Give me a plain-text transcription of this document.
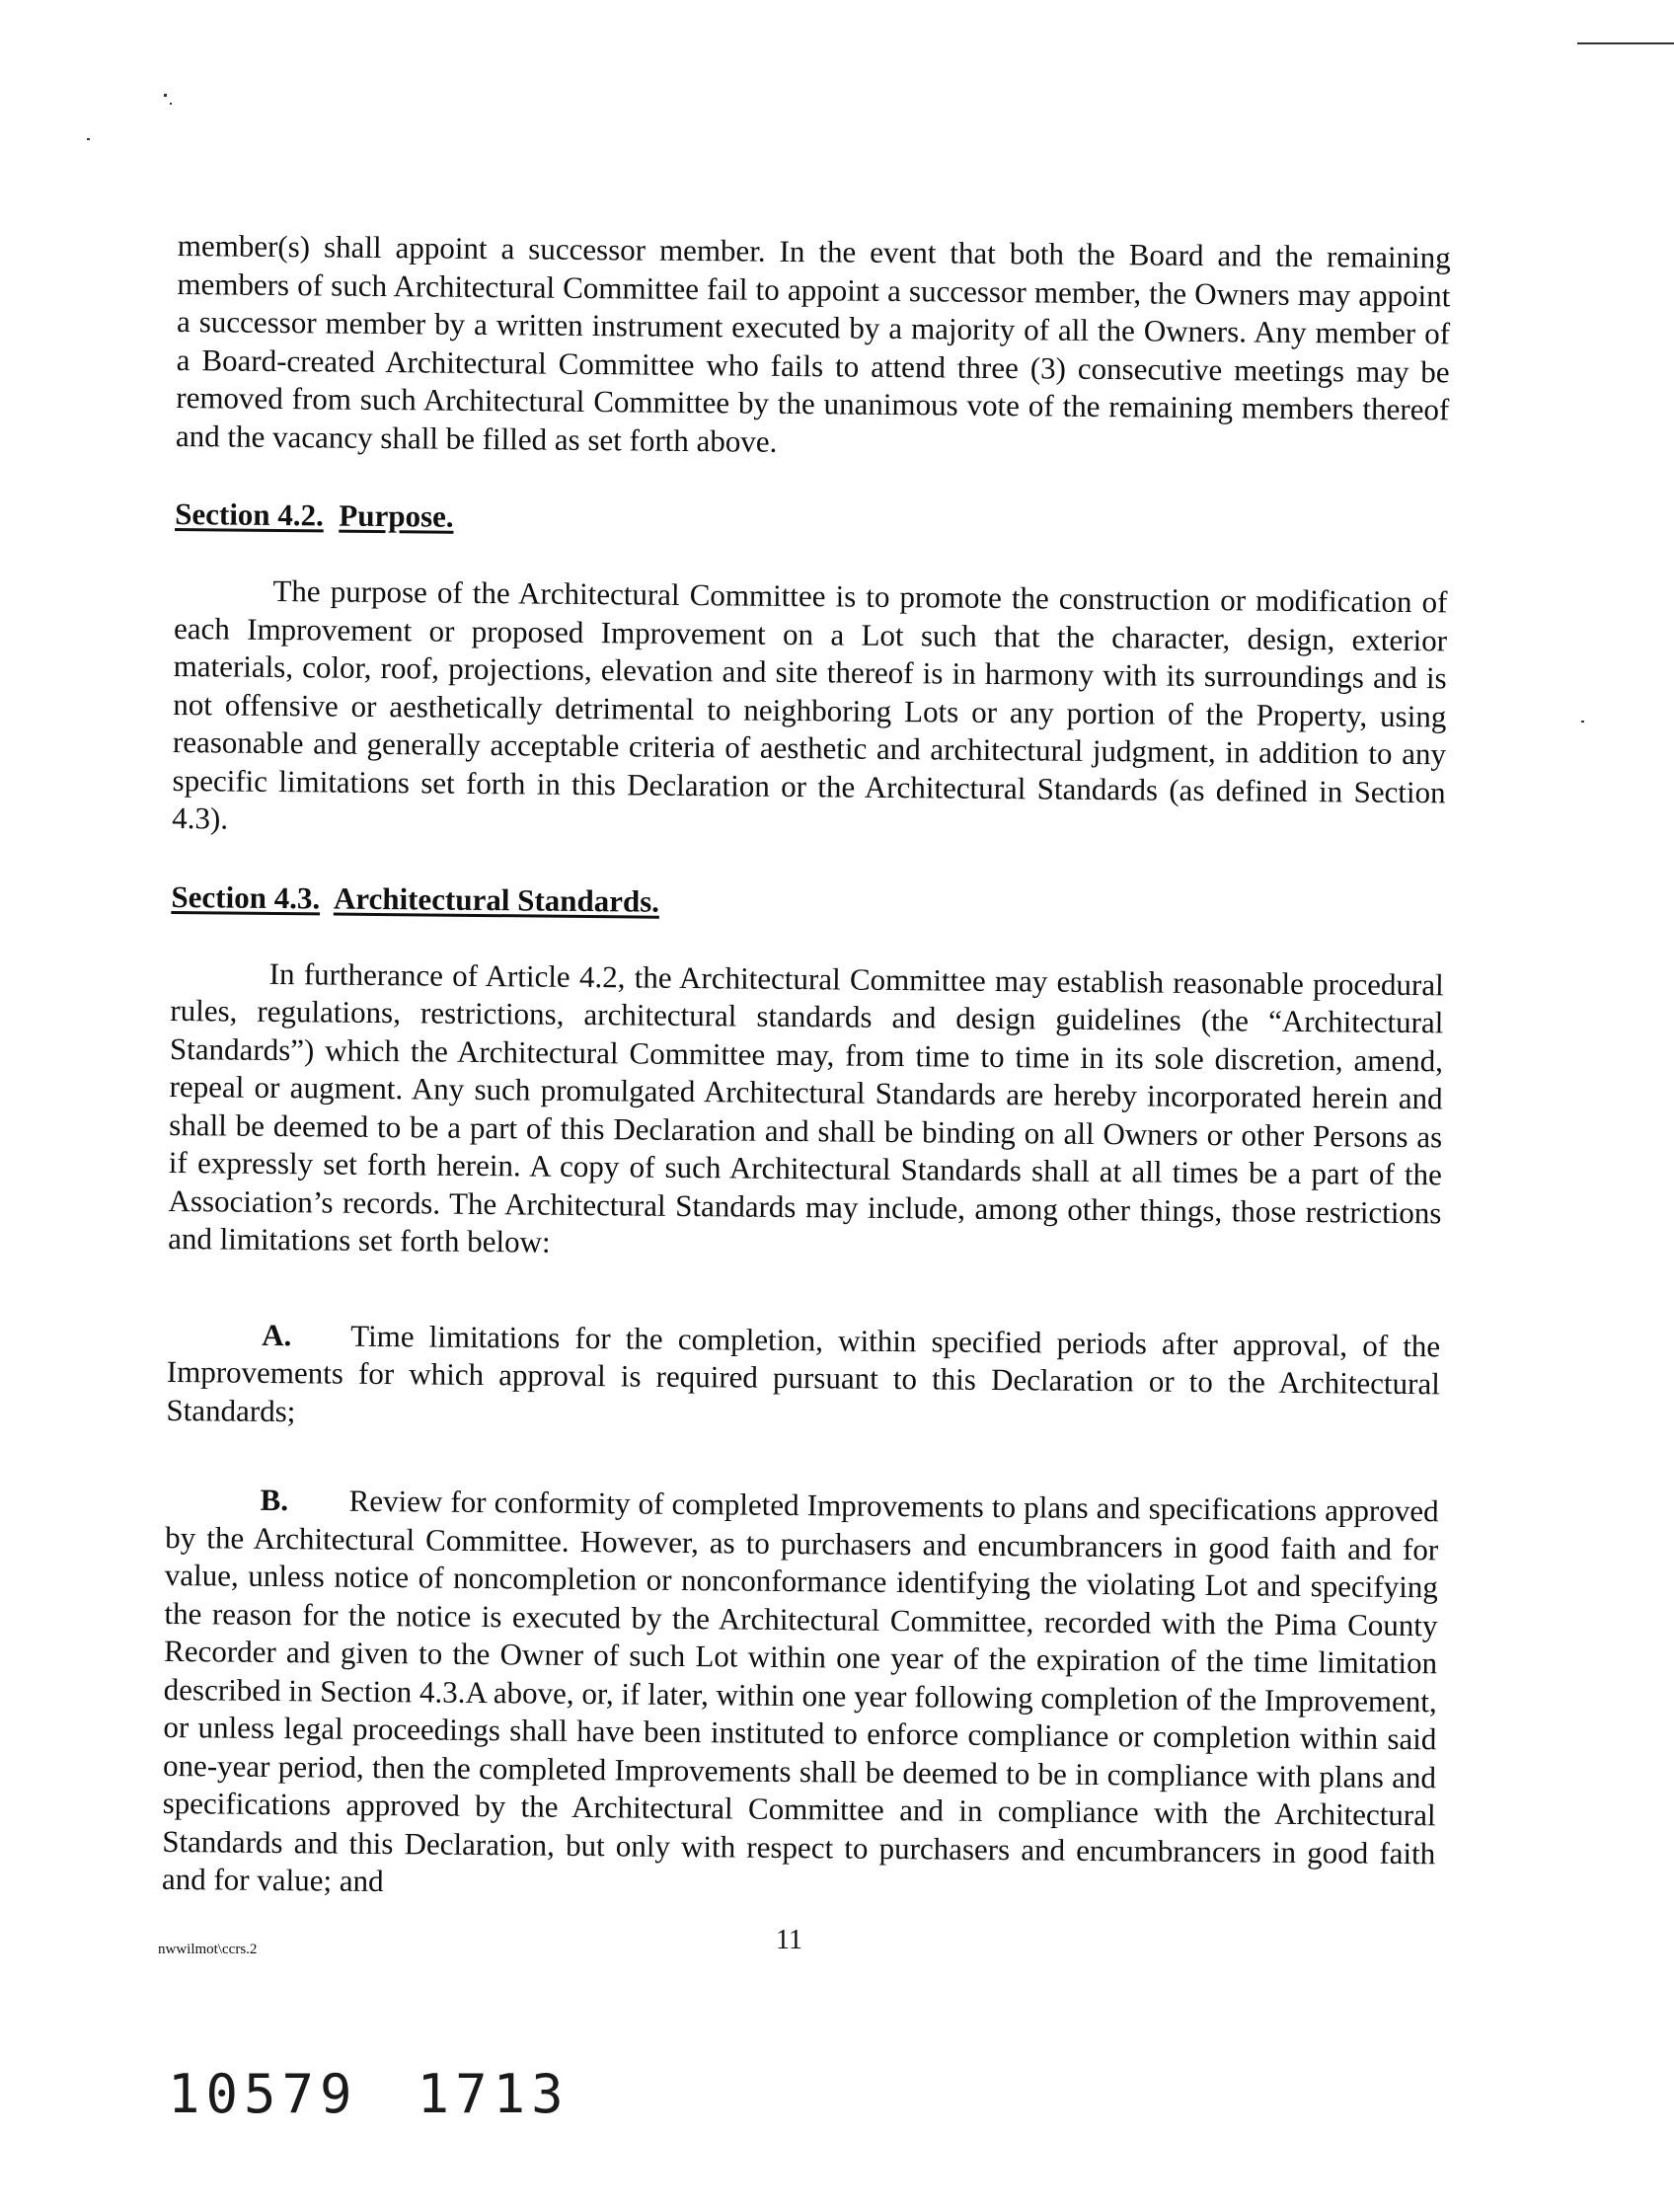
member(s) shall appoint a successor member. In the event that both the Board and the remaining members of such Architectural Committee fail to appoint a successor member, the Owners may appoint a successor member by a written instrument executed by a majority of all the Owners. Any member of a Board-created Architectural Committee who fails to attend three (3) consecutive meetings may be removed from such Architectural Committee by the unanimous vote of the remaining members thereof and the vacancy shall be filled as set forth above.

Section 4.2. Purpose.

The purpose of the Architectural Committee is to promote the construction or modification of each Improvement or proposed Improvement on a Lot such that the character, design, exterior materials, color, roof, projections, elevation and site thereof is in harmony with its surroundings and is not offensive or aesthetically detrimental to neighboring Lots or any portion of the Property, using reasonable and generally acceptable criteria of aesthetic and architectural judgment, in addition to any specific limitations set forth in this Declaration or the Architectural Standards (as defined in Section 4.3).

Section 4.3. Architectural Standards.

In furtherance of Article 4.2, the Architectural Committee may establish reasonable procedural rules, regulations, restrictions, architectural standards and design guidelines (the “Architectural Standards”) which the Architectural Committee may, from time to time in its sole discretion, amend, repeal or augment. Any such promulgated Architectural Standards are hereby incorporated herein and shall be deemed to be a part of this Declaration and shall be binding on all Owners or other Persons as if expressly set forth herein. A copy of such Architectural Standards shall at all times be a part of the Association’s records. The Architectural Standards may include, among other things, those restrictions and limitations set forth below:

A. Time limitations for the completion, within specified periods after approval, of the Improvements for which approval is required pursuant to this Declaration or to the Architectural Standards;

B. Review for conformity of completed Improvements to plans and specifications approved by the Architectural Committee. However, as to purchasers and encumbrancers in good faith and for value, unless notice of noncompletion or nonconformance identifying the violating Lot and specifying the reason for the notice is executed by the Architectural Committee, recorded with the Pima County Recorder and given to the Owner of such Lot within one year of the expiration of the time limitation described in Section 4.3.A above, or, if later, within one year following completion of the Improvement, or unless legal proceedings shall have been instituted to enforce compliance or completion within said one-year period, then the completed Improvements shall be deemed to be in compliance with plans and specifications approved by the Architectural Committee and in compliance with the Architectural Standards and this Declaration, but only with respect to purchasers and encumbrancers in good faith and for value; and

nwwilmot\ccrs.2	11
10579 1713
